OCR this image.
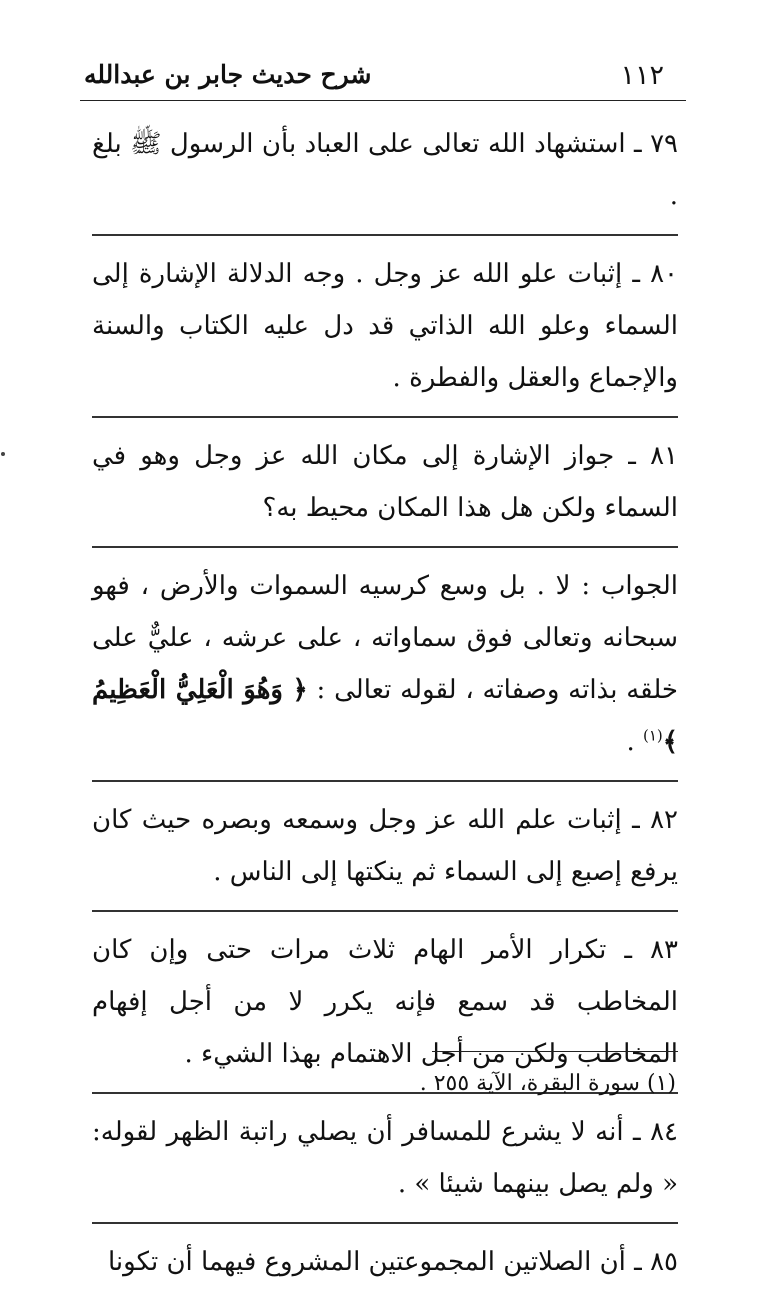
١١٢
شرح حديث جابر بن عبدالله

٧٩ ـ استشهاد الله تعالى على العباد بأن الرسول ﷺ بلغ .

٨٠ ـ إثبات علو الله عز وجل . وجه الدلالة الإشارة إلى السماء وعلو الله الذاتي قد دل عليه الكتاب والسنة والإجماع والعقل والفطرة .

٨١ ـ جواز الإشارة إلى مكان الله عز وجل وهو في السماء ولكن هل هذا المكان محيط به؟

الجواب : لا . بل وسع كرسيه السموات والأرض ، فهو سبحانه وتعالى فوق سماواته ، على عرشه ، عليٌّ على خلقه بذاته وصفاته ، لقوله تعالى : ﴿ وَهُوَ الْعَلِيُّ الْعَظِيمُ ﴾$^{(١)}$ .

٨٢ ـ إثبات علم الله عز وجل وسمعه وبصره حيث كان يرفع إصبع إلى السماء ثم ينكتها إلى الناس .

٨٣ ـ تكرار الأمر الهام ثلاث مرات حتى وإن كان المخاطب قد سمع فإنه يكرر لا من أجل إفهام المخاطب ولكن من أجل الاهتمام بهذا الشيء .

٨٤ ـ أنه لا يشرع للمسافر أن يصلي راتبة الظهر لقوله: « ولم يصل بينهما شيئا » .

٨٥ ـ أن الصلاتين المجموعتين المشروع فيهما أن تكونا

(١) سورة البقرة، الآية ٢٥٥ .
